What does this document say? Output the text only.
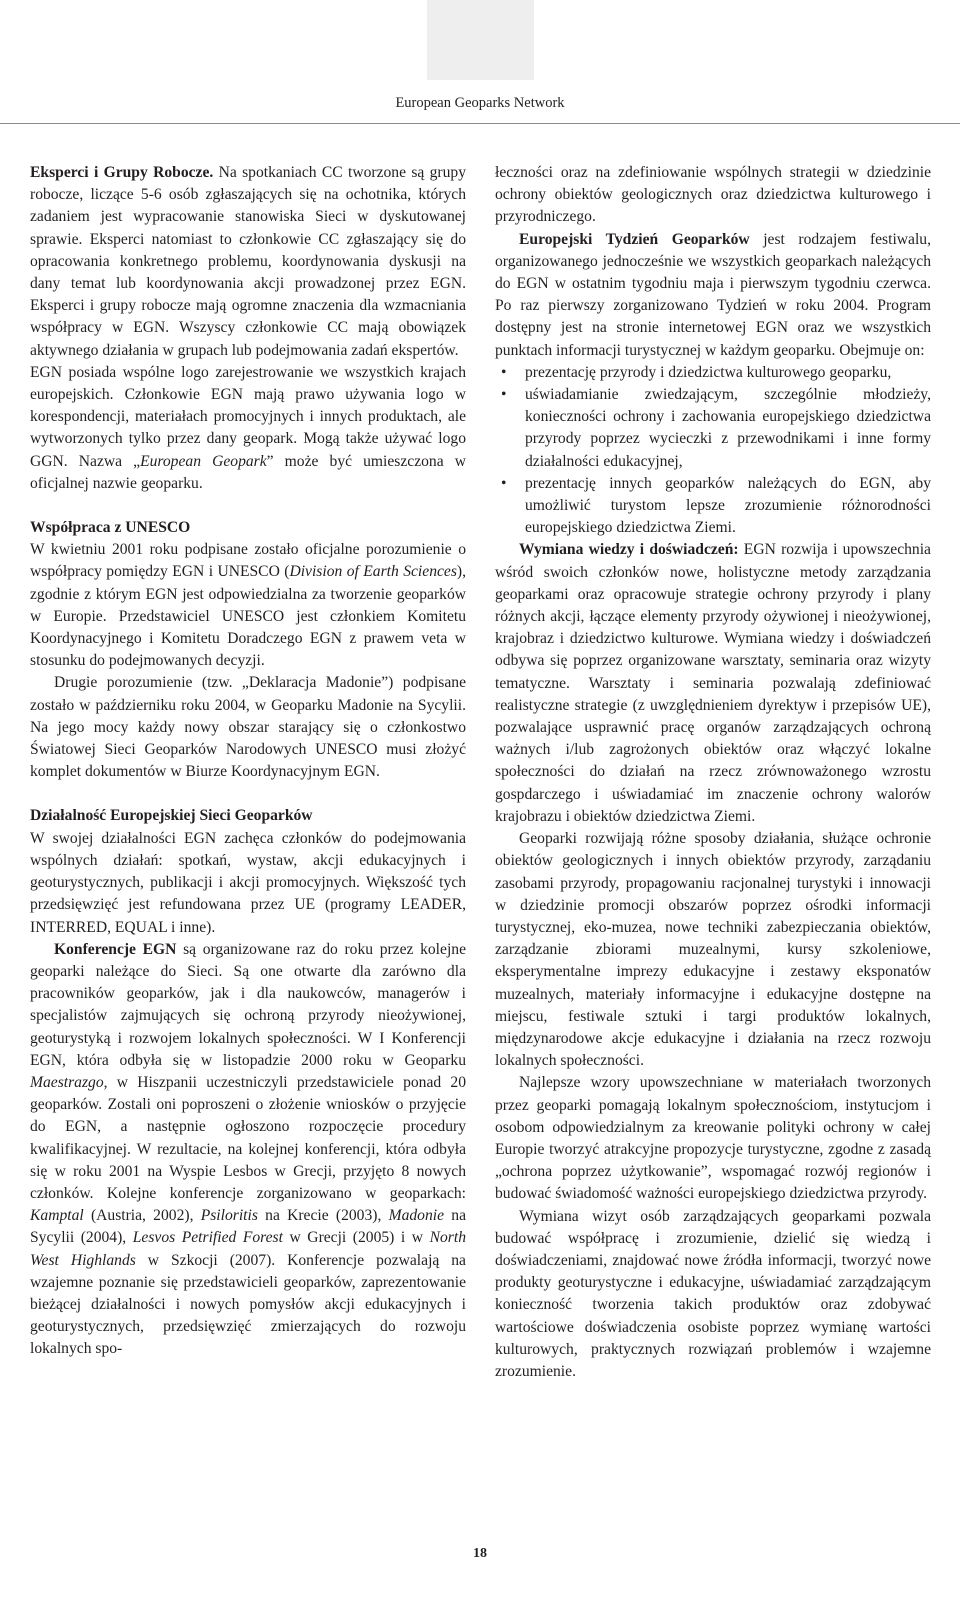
European Geoparks Network

Eksperci i Grupy Robocze. Na spotkaniach CC tworzone są grupy robocze, liczące 5-6 osób zgłaszających się na ochotnika, których zadaniem jest wypracowanie stanowiska Sieci w dyskutowanej sprawie. Eksperci natomiast to członkowie CC zgłaszający się do opracowania konkretnego problemu, koordynowania dyskusji na dany temat lub koordynowania akcji prowadzonej przez EGN. Eksperci i grupy robocze mają ogromne znaczenia dla wzmacniania współpracy w EGN. Wszyscy członkowie CC mają obowiązek aktywnego działania w grupach lub podejmowania zadań ekspertów.

EGN posiada wspólne logo zarejestrowanie we wszystkich krajach europejskich. Członkowie EGN mają prawo używania logo w korespondencji, materiałach promocyjnych i innych produktach, ale wytworzonych tylko przez dany geopark. Mogą także używać logo GGN. Nazwa „European Geopark” może być umieszczona w oficjalnej nazwie geoparku.

Współpraca z UNESCO

W kwietniu 2001 roku podpisane zostało oficjalne porozumienie o współpracy pomiędzy EGN i UNESCO (Division of Earth Sciences), zgodnie z którym EGN jest odpowiedzialna za tworzenie geoparków w Europie. Przedstawiciel UNESCO jest członkiem Komitetu Koordynacyjnego i Komitetu Doradczego EGN z prawem veta w stosunku do podejmowanych decyzji.

Drugie porozumienie (tzw. „Deklaracja Madonie”) podpisane zostało w październiku roku 2004, w Geoparku Madonie na Sycylii. Na jego mocy każdy nowy obszar starający się o członkostwo Światowej Sieci Geoparków Narodowych UNESCO musi złożyć komplet dokumentów w Biurze Koordynacyjnym EGN.

Działalność Europejskiej Sieci Geoparków

W swojej działalności EGN zachęca członków do podejmowania wspólnych działań: spotkań, wystaw, akcji edukacyjnych i geoturystycznych, publikacji i akcji promocyjnych. Większość tych przedsięwzięć jest refundowana przez UE (programy LEADER, INTERRED, EQUAL i inne).

Konferencje EGN są organizowane raz do roku przez kolejne geoparki należące do Sieci. Są one otwarte dla zarówno dla pracowników geoparków, jak i dla naukowców, managerów i specjalistów zajmujących się ochroną przyrody nieożywionej, geoturystyką i rozwojem lokalnych społeczności. W I Konferencji EGN, która odbyła się w listopadzie 2000 roku w Geoparku Maestrazgo, w Hiszpanii uczestniczyli przedstawiciele ponad 20 geoparków. Zostali oni poproszeni o złożenie wniosków o przyjęcie do EGN, a następnie ogłoszono rozpoczęcie procedury kwalifikacyjnej. W rezultacie, na kolejnej konferencji, która odbyła się w roku 2001 na Wyspie Lesbos w Grecji, przyjęto 8 nowych członków. Kolejne konferencje zorganizowano w geoparkach: Kamptal (Austria, 2002), Psiloritis na Krecie (2003), Madonie na Sycylii (2004), Lesvos Petrified Forest w Grecji (2005) i w North West Highlands w Szkocji (2007). Konferencje pozwalają na wzajemne poznanie się przedstawicieli geoparków, zaprezentowanie bieżącej działalności i nowych pomysłów akcji edukacyjnych i geoturystycznych, przedsięwzięć zmierzających do rozwoju lokalnych spo-

łeczności oraz na zdefiniowanie wspólnych strategii w dziedzinie ochrony obiektów geologicznych oraz dziedzictwa kulturowego i przyrodniczego.

Europejski Tydzień Geoparków jest rodzajem festiwalu, organizowanego jednocześnie we wszystkich geoparkach należących do EGN w ostatnim tygodniu maja i pierwszym tygodniu czerwca. Po raz pierwszy zorganizowano Tydzień w roku 2004. Program dostępny jest na stronie internetowej EGN oraz we wszystkich punktach informacji turystycznej w każdym geoparku. Obejmuje on:

• prezentację przyrody i dziedzictwa kulturowego geoparku,
• uświadamianie zwiedzającym, szczególnie młodzieży, konieczności ochrony i zachowania europejskiego dziedzictwa przyrody poprzez wycieczki z przewodnikami i inne formy działalności edukacyjnej,
• prezentację innych geoparków należących do EGN, aby umożliwić turystom lepsze zrozumienie różnorodności europejskiego dziedzictwa Ziemi.

Wymiana wiedzy i doświadczeń: EGN rozwija i upowszechnia wśród swoich członków nowe, holistyczne metody zarządzania geoparkami oraz opracowuje strategie ochrony przyrody i plany różnych akcji, łączące elementy przyrody ożywionej i nieożywionej, krajobraz i dziedzictwo kulturowe. Wymiana wiedzy i doświadczeń odbywa się poprzez organizowane warsztaty, seminaria oraz wizyty tematyczne. Warsztaty i seminaria pozwalają zdefiniować realistyczne strategie (z uwzględnieniem dyrektyw i przepisów UE), pozwalające usprawnić pracę organów zarządzających ochroną ważnych i/lub zagrożonych obiektów oraz włączyć lokalne społeczności do działań na rzecz zrównoważonego wzrostu gospdarczego i uświadamiać im znaczenie ochrony walorów krajobrazu i obiektów dziedzictwa Ziemi.

Geoparki rozwijają różne sposoby działania, służące ochronie obiektów geologicznych i innych obiektów przyrody, zarządaniu zasobami przyrody, propagowaniu racjonalnej turystyki i innowacji w dziedzinie promocji obszarów poprzez ośrodki informacji turystycznej, eko-muzea, nowe techniki zabezpieczania obiektów, zarządzanie zbiorami muzealnymi, kursy szkoleniowe, eksperymentalne imprezy edukacyjne i zestawy eksponatów muzealnych, materiały informacyjne i edukacyjne dostępne na miejscu, festiwale sztuki i targi produktów lokalnych, międzynarodowe akcje edukacyjne i działania na rzecz rozwoju lokalnych społeczności.

Najlepsze wzory upowszechniane w materiałach tworzonych przez geoparki pomagają lokalnym społecznościom, instytucjom i osobom odpowiedzialnym za kreowanie polityki ochrony w całej Europie tworzyć atrakcyjne propozycje turystyczne, zgodne z zasadą „ochrona poprzez użytkowanie”, wspomagać rozwój regionów i budować świadomość ważności europejskiego dziedzictwa przyrody.

Wymiana wizyt osób zarządzających geoparkami pozwala budować współpracę i zrozumienie, dzielić się wiedzą i doświadczeniami, znajdować nowe źródła informacji, tworzyć nowe produkty geoturystyczne i edukacyjne, uświadamiać zarządzającym konieczność tworzenia takich produktów oraz zdobywać wartościowe doświadczenia osobiste poprzez wymianę wartości kulturowych, praktycznych rozwiązań problemów i wzajemne zrozumienie.

18
